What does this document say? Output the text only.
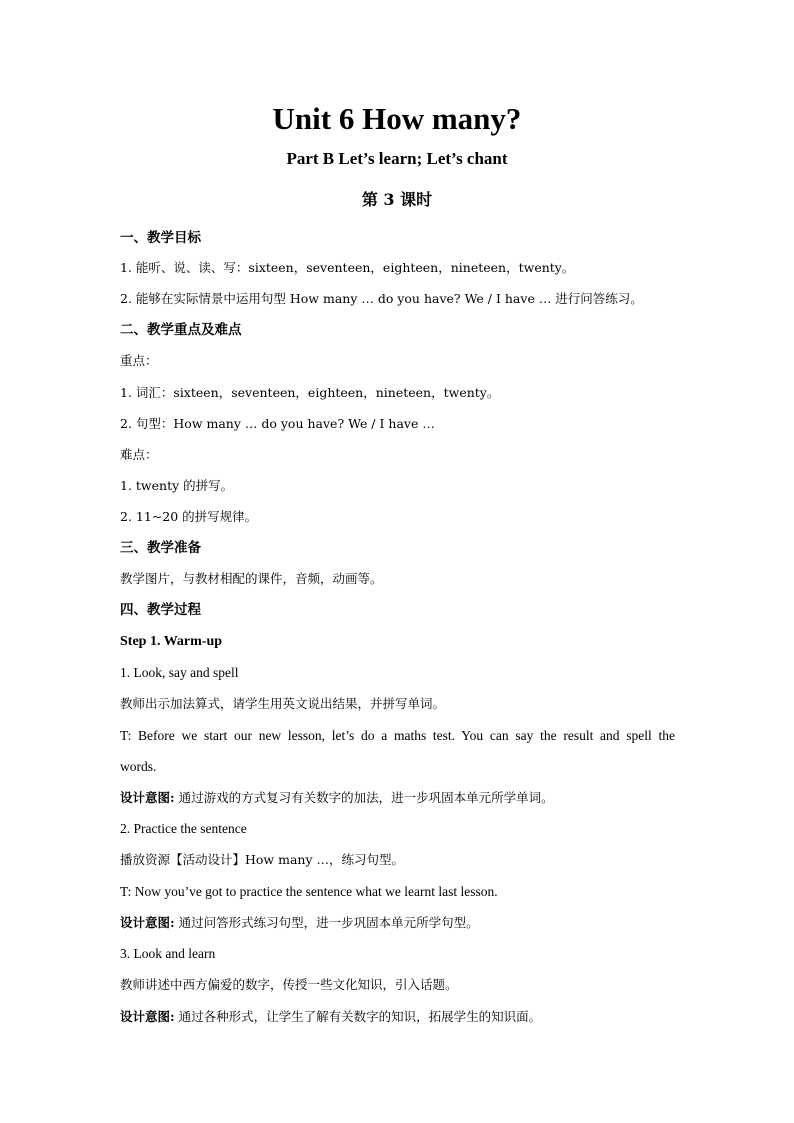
Unit 6 How many?
Part B Let’s learn; Let’s chant
第 3 课时
一、教学目标
1. 能听、说、读、写：sixteen，seventeen，eighteen，nineteen，twenty。
2. 能够在实际情景中运用句型 How many … do you have? We / I have … 进行问答练习。
二、教学重点及难点
重点：
1. 词汇：sixteen，seventeen，eighteen，nineteen，twenty。
2. 句型：How many … do you have? We / I have …
难点：
1. twenty 的拼写。
2. 11~20 的拼写规律。
三、教学准备
教学图片，与教材相配的课件，音频，动画等。
四、教学过程
Step 1. Warm-up
1. Look, say and spell
教师出示加法算式，请学生用英文说出结果，并拼写单词。
T: Before we start our new lesson, let’s do a maths test. You can say the result and spell the
words.
设计意图: 通过游戏的方式复习有关数字的加法，进一步巩固本单元所学单词。
2. Practice the sentence
播放资源【活动设计】How many …，练习句型。
T: Now you’ve got to practice the sentence what we learnt last lesson.
设计意图: 通过问答形式练习句型，进一步巩固本单元所学句型。
3. Look and learn
教师讲述中西方偏爱的数字，传授一些文化知识，引入话题。
设计意图: 通过各种形式，让学生了解有关数字的知识，拓展学生的知识面。
